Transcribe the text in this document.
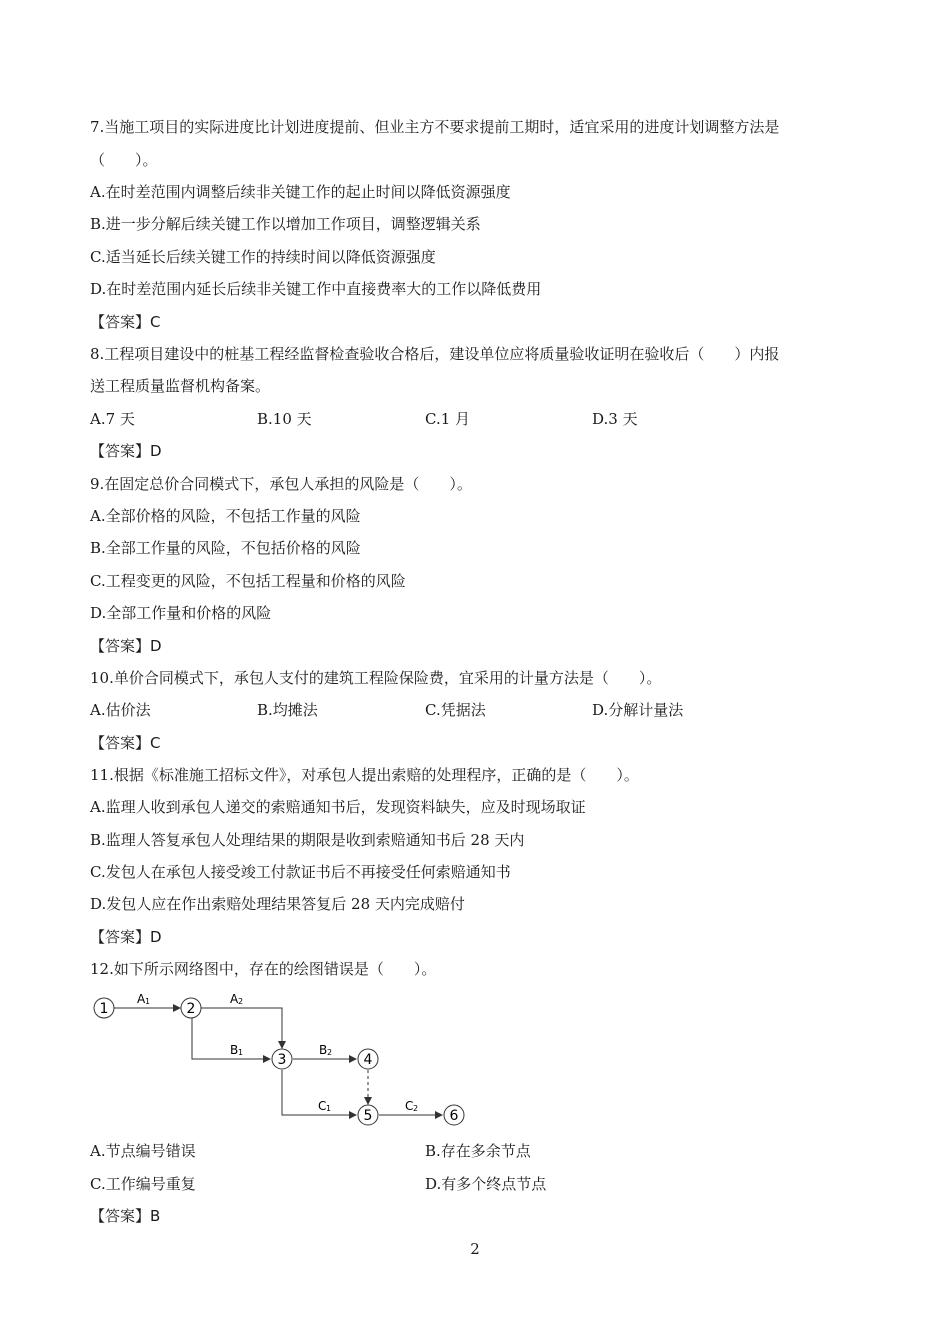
7.当施工项目的实际进度比计划进度提前、但业主方不要求提前工期时，适宜采用的进度计划调整方法是
（　　）。
A.在时差范围内调整后续非关键工作的起止时间以降低资源强度
B.进一步分解后续关键工作以增加工作项目，调整逻辑关系
C.适当延长后续关键工作的持续时间以降低资源强度
D.在时差范围内延长后续非关键工作中直接费率大的工作以降低费用
【答案】C
8.工程项目建设中的桩基工程经监督检查验收合格后，建设单位应将质量验收证明在验收后（　　）内报
送工程质量监督机构备案。
A.7 天	B.10 天	C.1 月	D.3 天
【答案】D
9.在固定总价合同模式下，承包人承担的风险是（　　）。
A.全部价格的风险，不包括工作量的风险
B.全部工作量的风险，不包括价格的风险
C.工程变更的风险，不包括工程量和价格的风险
D.全部工作量和价格的风险
【答案】D
10.单价合同模式下，承包人支付的建筑工程险保险费，宜采用的计量方法是（　　）。
A.估价法	B.均摊法	C.凭据法	D.分解计量法
【答案】C
11.根据《标准施工招标文件》，对承包人提出索赔的处理程序，正确的是（　　）。
A.监理人收到承包人递交的索赔通知书后，发现资料缺失，应及时现场取证
B.监理人答复承包人处理结果的期限是收到索赔通知书后 28 天内
C.发包人在承包人接受竣工付款证书后不再接受任何索赔通知书
D.发包人应在作出索赔处理结果答复后 28 天内完成赔付
【答案】D
12.如下所示网络图中，存在的绘图错误是（　　）。
1	2
3	4
5	6
A 1	A 2
B 1	B 2
C 1	C 2
A.节点编号错误	B.存在多余节点
C.工作编号重复	D.有多个终点节点
【答案】B
2
